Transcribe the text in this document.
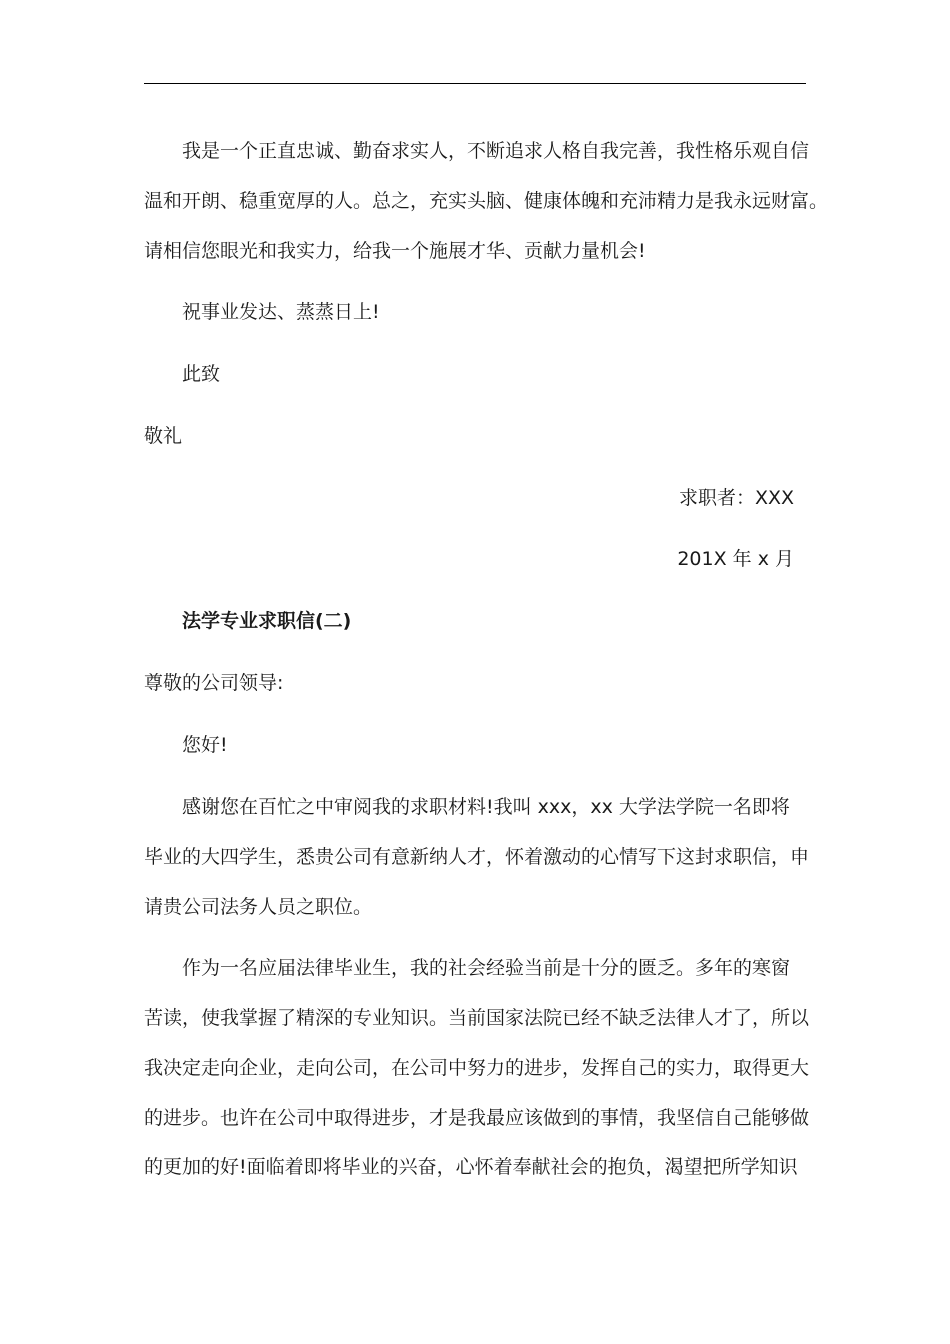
我是一个正直忠诚、勤奋求实人，不断追求人格自我完善，我性格乐观自信
温和开朗、稳重宽厚的人。总之，充实头脑、健康体魄和充沛精力是我永远财富。
请相信您眼光和我实力，给我一个施展才华、贡献力量机会!
祝事业发达、蒸蒸日上!
此致
敬礼
求职者：XXX
201X 年 x 月
法学专业求职信(二)
尊敬的公司领导:
您好!
感谢您在百忙之中审阅我的求职材料!我叫 xxx，xx 大学法学院一名即将
毕业的大四学生，悉贵公司有意新纳人才，怀着激动的心情写下这封求职信，申
请贵公司法务人员之职位。
作为一名应届法律毕业生，我的社会经验当前是十分的匮乏。多年的寒窗
苦读，使我掌握了精深的专业知识。当前国家法院已经不缺乏法律人才了，所以
我决定走向企业，走向公司，在公司中努力的进步，发挥自己的实力，取得更大
的进步。也许在公司中取得进步，才是我最应该做到的事情，我坚信自己能够做
的更加的好!面临着即将毕业的兴奋，心怀着奉献社会的抱负，渴望把所学知识
